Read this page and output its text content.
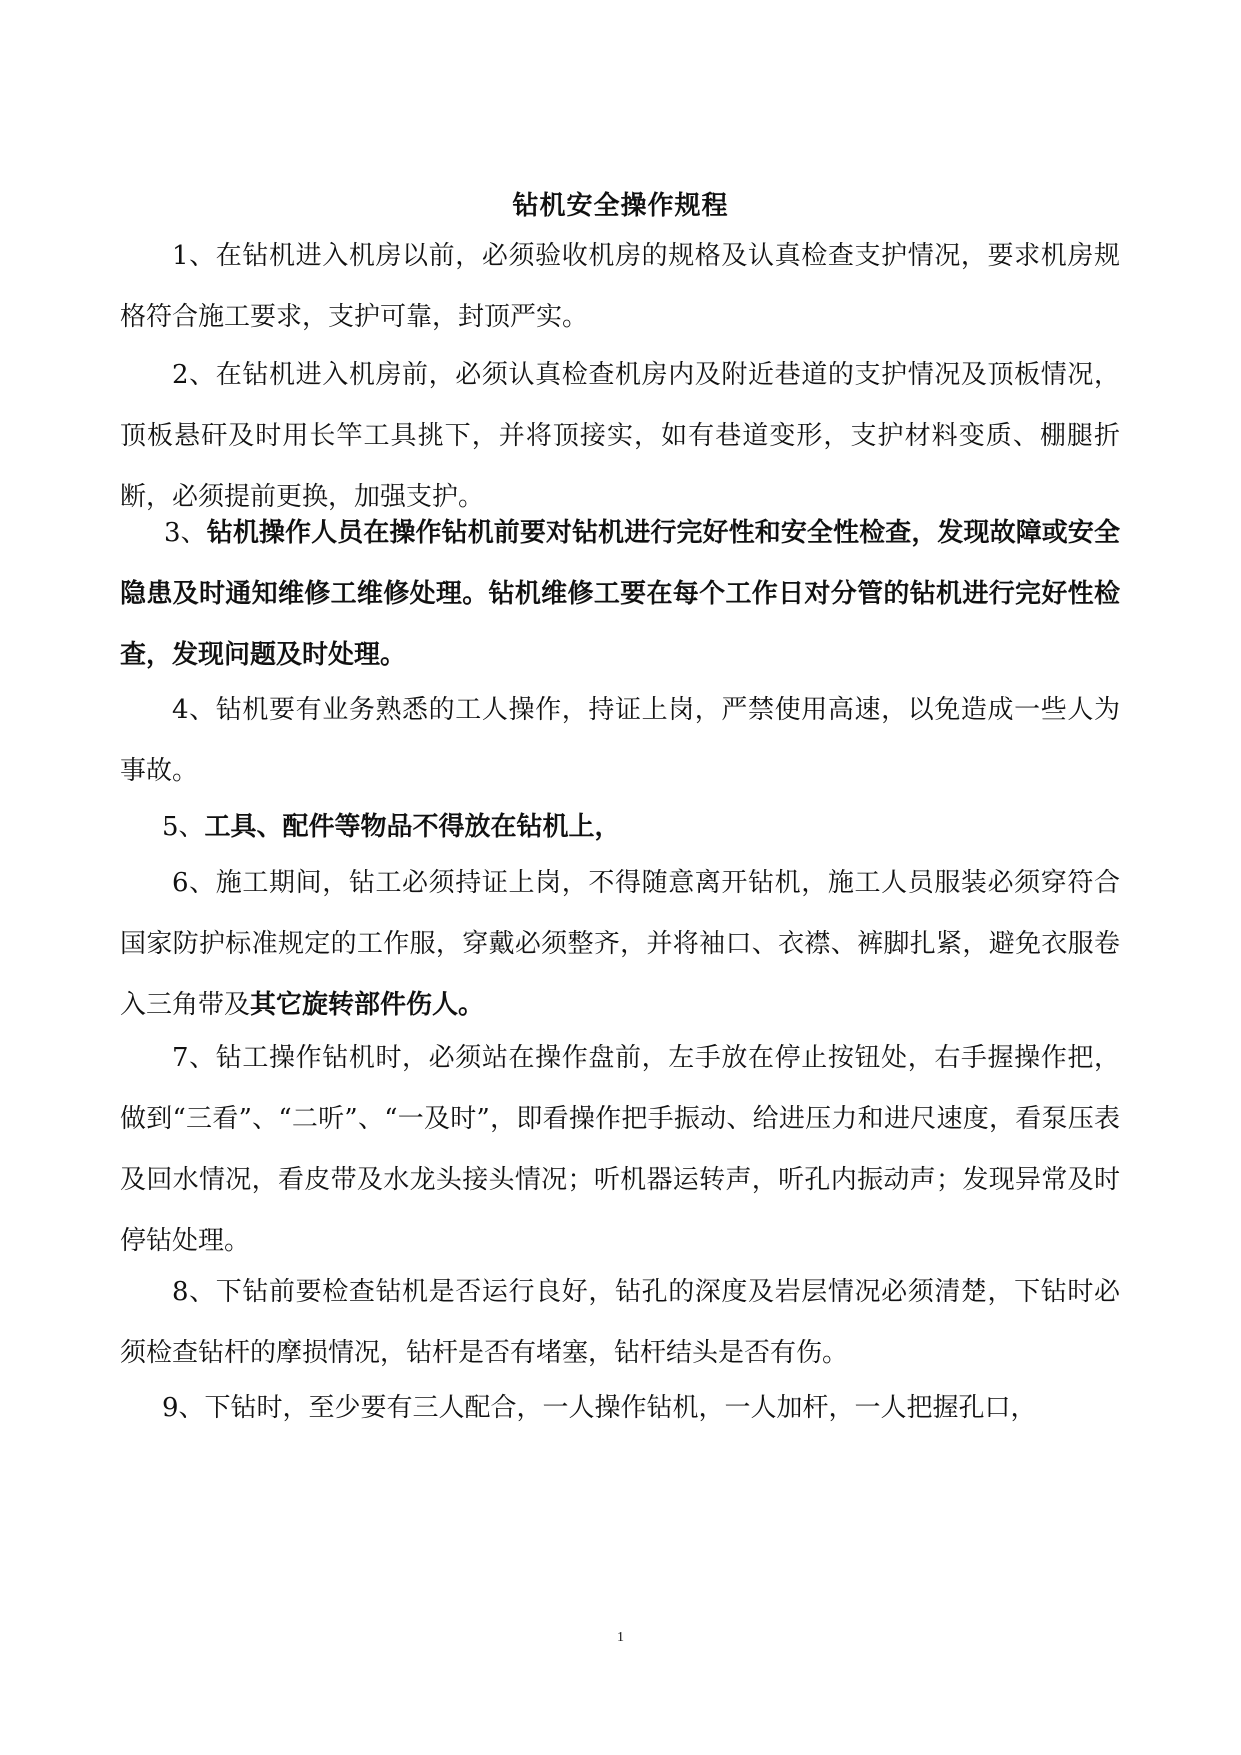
钻机安全操作规程

1、在钻机进入机房以前，必须验收机房的规格及认真检查支护情况，要求机房规格符合施工要求，支护可靠，封顶严实。

2、在钻机进入机房前，必须认真检查机房内及附近巷道的支护情况及顶板情况，顶板悬矸及时用长竿工具挑下，并将顶接实，如有巷道变形，支护材料变质、棚腿折断，必须提前更换，加强支护。

3、钻机操作人员在操作钻机前要对钻机进行完好性和安全性检查，发现故障或安全隐患及时通知维修工维修处理。钻机维修工要在每个工作日对分管的钻机进行完好性检查，发现问题及时处理。

4、钻机要有业务熟悉的工人操作，持证上岗，严禁使用高速，以免造成一些人为事故。

5、工具、配件等物品不得放在钻机上，

6、施工期间，钻工必须持证上岗，不得随意离开钻机，施工人员服装必须穿符合国家防护标准规定的工作服，穿戴必须整齐，并将袖口、衣襟、裤脚扎紧，避免衣服卷入三角带及其它旋转部件伤人。

7、钻工操作钻机时，必须站在操作盘前，左手放在停止按钮处，右手握操作把，做到“三看”、“二听”、“一及时”，即看操作把手振动、给进压力和进尺速度，看泵压表及回水情况，看皮带及水龙头接头情况；听机器运转声，听孔内振动声；发现异常及时停钻处理。

8、下钻前要检查钻机是否运行良好，钻孔的深度及岩层情况必须清楚，下钻时必须检查钻杆的摩损情况，钻杆是否有堵塞，钻杆结头是否有伤。

9、下钻时，至少要有三人配合，一人操作钻机，一人加杆，一人把握孔口，

1
